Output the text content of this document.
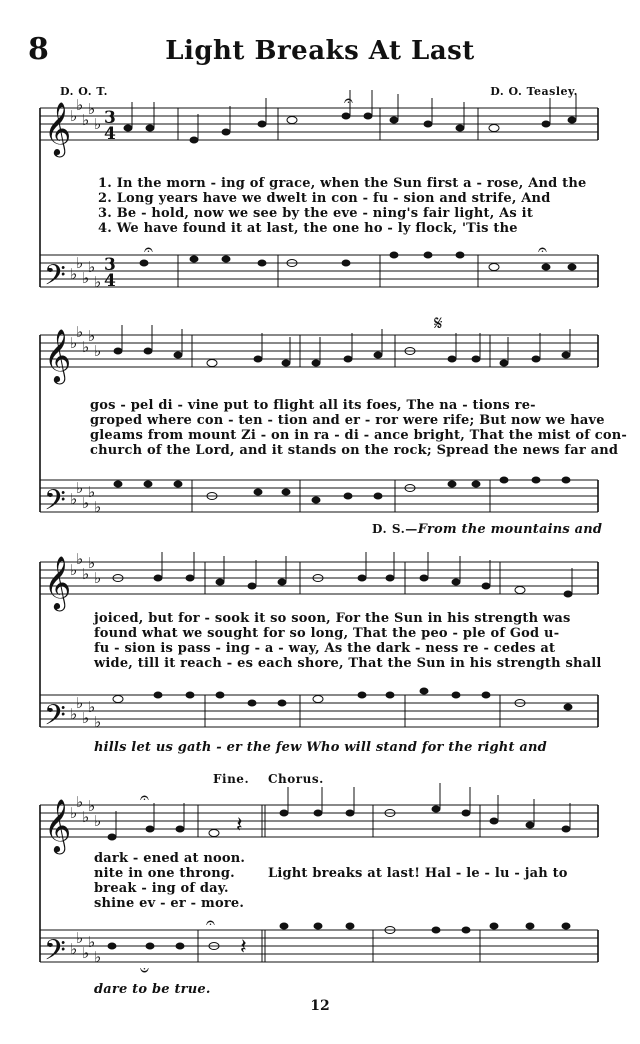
8	Light Breaks At Last
D. O. T.	D. O. Teasley.
𝄞
𝄢
𝄞
𝄢
𝄞
𝄢
𝄞
𝄢
♭
♭
♭
♭
♭
♭
♭
♭
♭
♭
♭
♭
♭
♭
♭
♭
♭
♭
♭
♭
♭
♭
♭
♭
♭
♭
♭
♭
♭
♭
♭
♭
♭
♭
♭
♭
♭
♭
♭
♭
3
4
3
4
𝄐
𝄐	𝄐
𝄋
𝄐
𝄑
𝄽
𝄽
𝄐
1. In the morn - ing of grace, when the Sun first a - rose, And the
2. Long years have we dwelt in con - fu - sion and strife, And
3. Be - hold, now we see by the eve - ning's fair light, As it
4. We have found it at last, the one ho - ly flock, 'Tis the
gos - pel di - vine put to flight all its foes, The na - tions re-
groped where con - ten - tion and er - ror were rife; But now we have
gleams from mount Zi - on in ra - di - ance bright, That the mist of con-
church of the Lord, and it stands on the rock; Spread the news far and
D. S.—From the mountains and
joiced, but for - sook it so soon, For the Sun in his strength was
found what we sought for so long, That the peo - ple of God u-
fu - sion is pass - ing - a - way, As the dark - ness re - cedes at
wide, till it reach - es each shore, That the Sun in his strength shall
hills let us gath - er the few Who will stand for the right and
Fine. Chorus.
dark - ened at noon.
nite in one throng.
break - ing of day.
shine ev - er - more.
Light breaks at last! Hal - le - lu - jah to
dare to be true.
12
